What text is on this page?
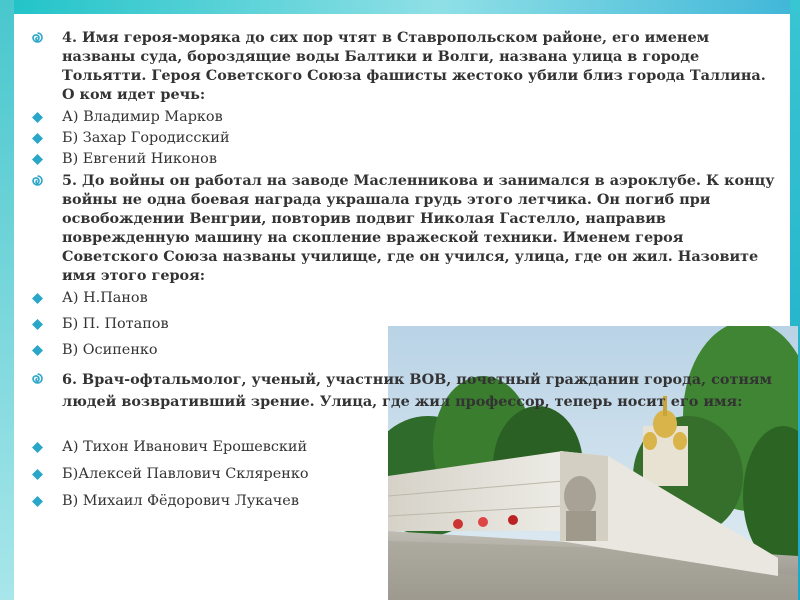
4. Имя героя-моряка до сих пор чтят в Ставропольском районе, его именем названы суда, бороздящие воды Балтики и Волги, названа улица в городе Тольятти. Героя Советского Союза фашисты жестоко убили близ города Таллина. О ком идет речь:
А) Владимир Марков
Б) Захар Городисский
В) Евгений Никонов
5. До войны он работал на заводе Масленникова и занимался в аэроклубе. К концу войны не одна боевая награда украшала грудь этого летчика. Он погиб при освобождении Венгрии, повторив подвиг Николая Гастелло, направив поврежденную машину на скопление вражеской техники. Именем героя Советского Союза названы училище, где он учился, улица, где он жил. Назовите имя этого героя:
А) Н.Панов
Б) П. Потапов
В) Осипенко
6. Врач-офтальмолог, ученый, участник ВОВ, почетный гражданин города, сотням людей возвративший зрение. Улица, где жил профессор, теперь носит его имя:
А) Тихон Иванович Ерошевский
Б)Алексей Павлович Скляренко
В) Михаил Фёдорович Лукачев
